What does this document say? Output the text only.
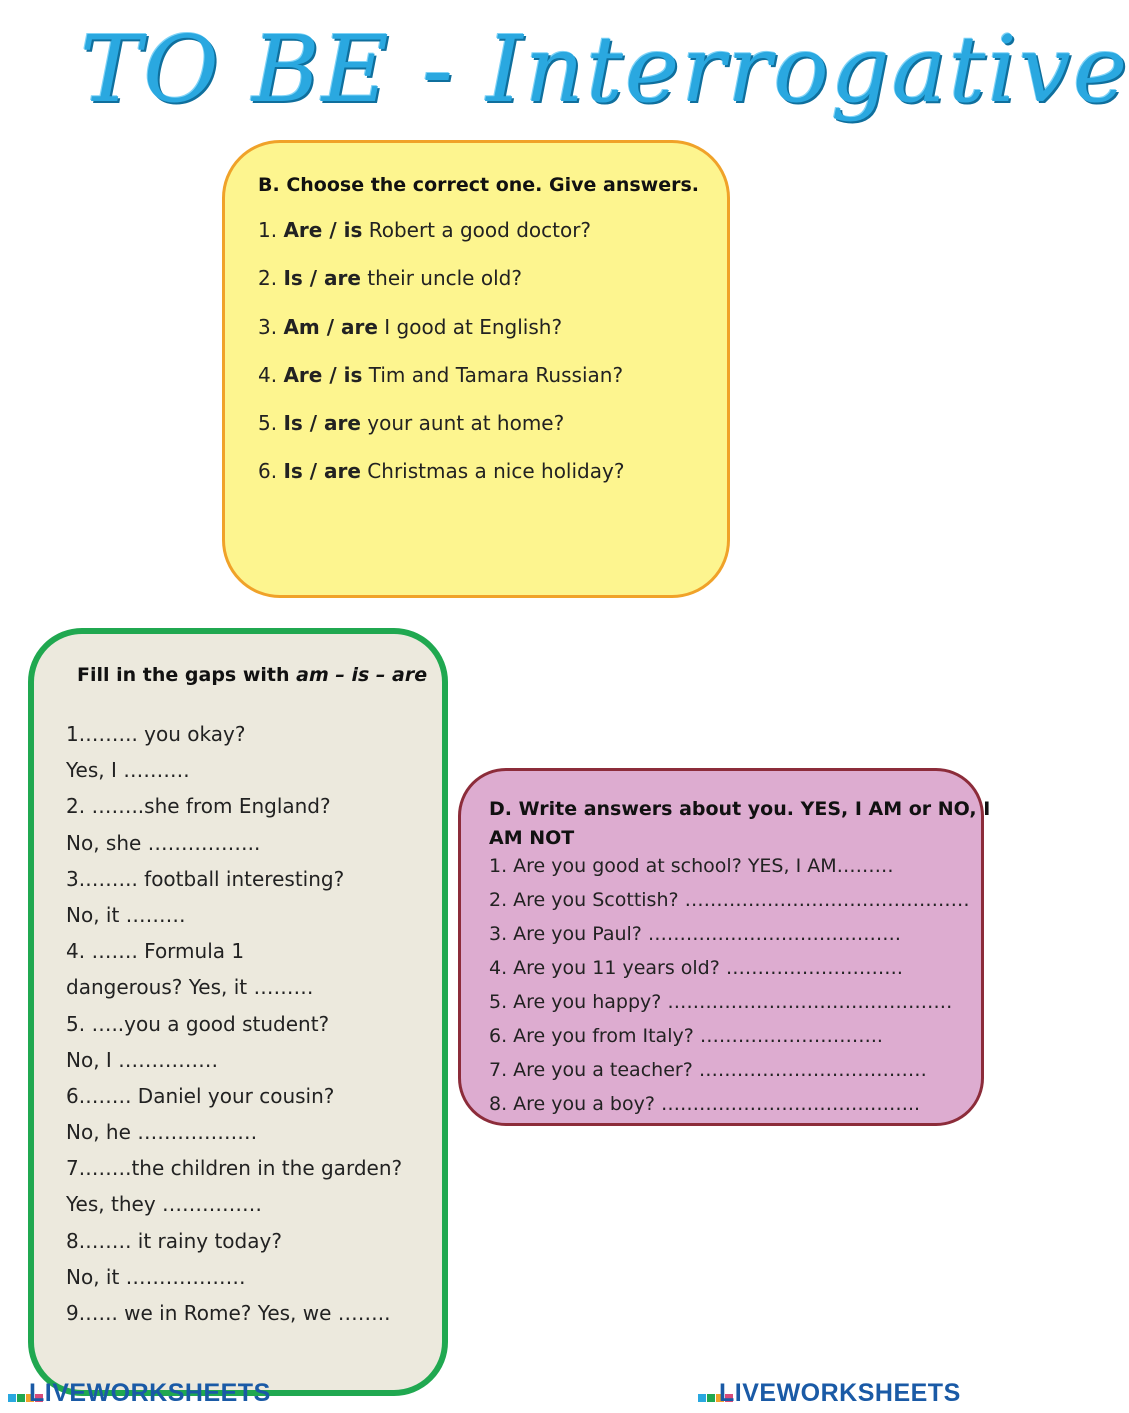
TO BE - Interrogative
B. Choose the correct one. Give answers.
1. Are / is Robert a good doctor?
2. Is / are their uncle old?
3. Am / are I good at English?
4. Are / is Tim and Tamara Russian?
5. Is / are your aunt at home?
6. Is / are Christmas a nice holiday?
Fill in the gaps with am – is – are
1.…….. you okay?
Yes, I ……….
2. ……..she from England?
No, she ……………..
3.…….. football interesting?
No, it ………
4. ……. Formula 1
dangerous? Yes, it ………
5. …..you a good student?
No, I ……………
6.……. Daniel your cousin?
No, he ………………
7.…….the children in the garden?
Yes, they ……………
8.……. it rainy today?
No, it ………………
9.….. we in Rome? Yes, we ……..
D. Write answers about you. YES, I AM or NO, I
AM NOT
1. Are you good at school? YES, I AM………
2. Are you Scottish? ………………………………………
3. Are you Paul? ………………………………….
4. Are you 11 years old? ……………………….
5. Are you happy? ………………………………………
6. Are you from Italy? ………………………..
7. Are you a teacher? ………………………………
8. Are you a boy? …………………………………..
LIVEWORKSHEETS	LIVEWORKSHEETS
